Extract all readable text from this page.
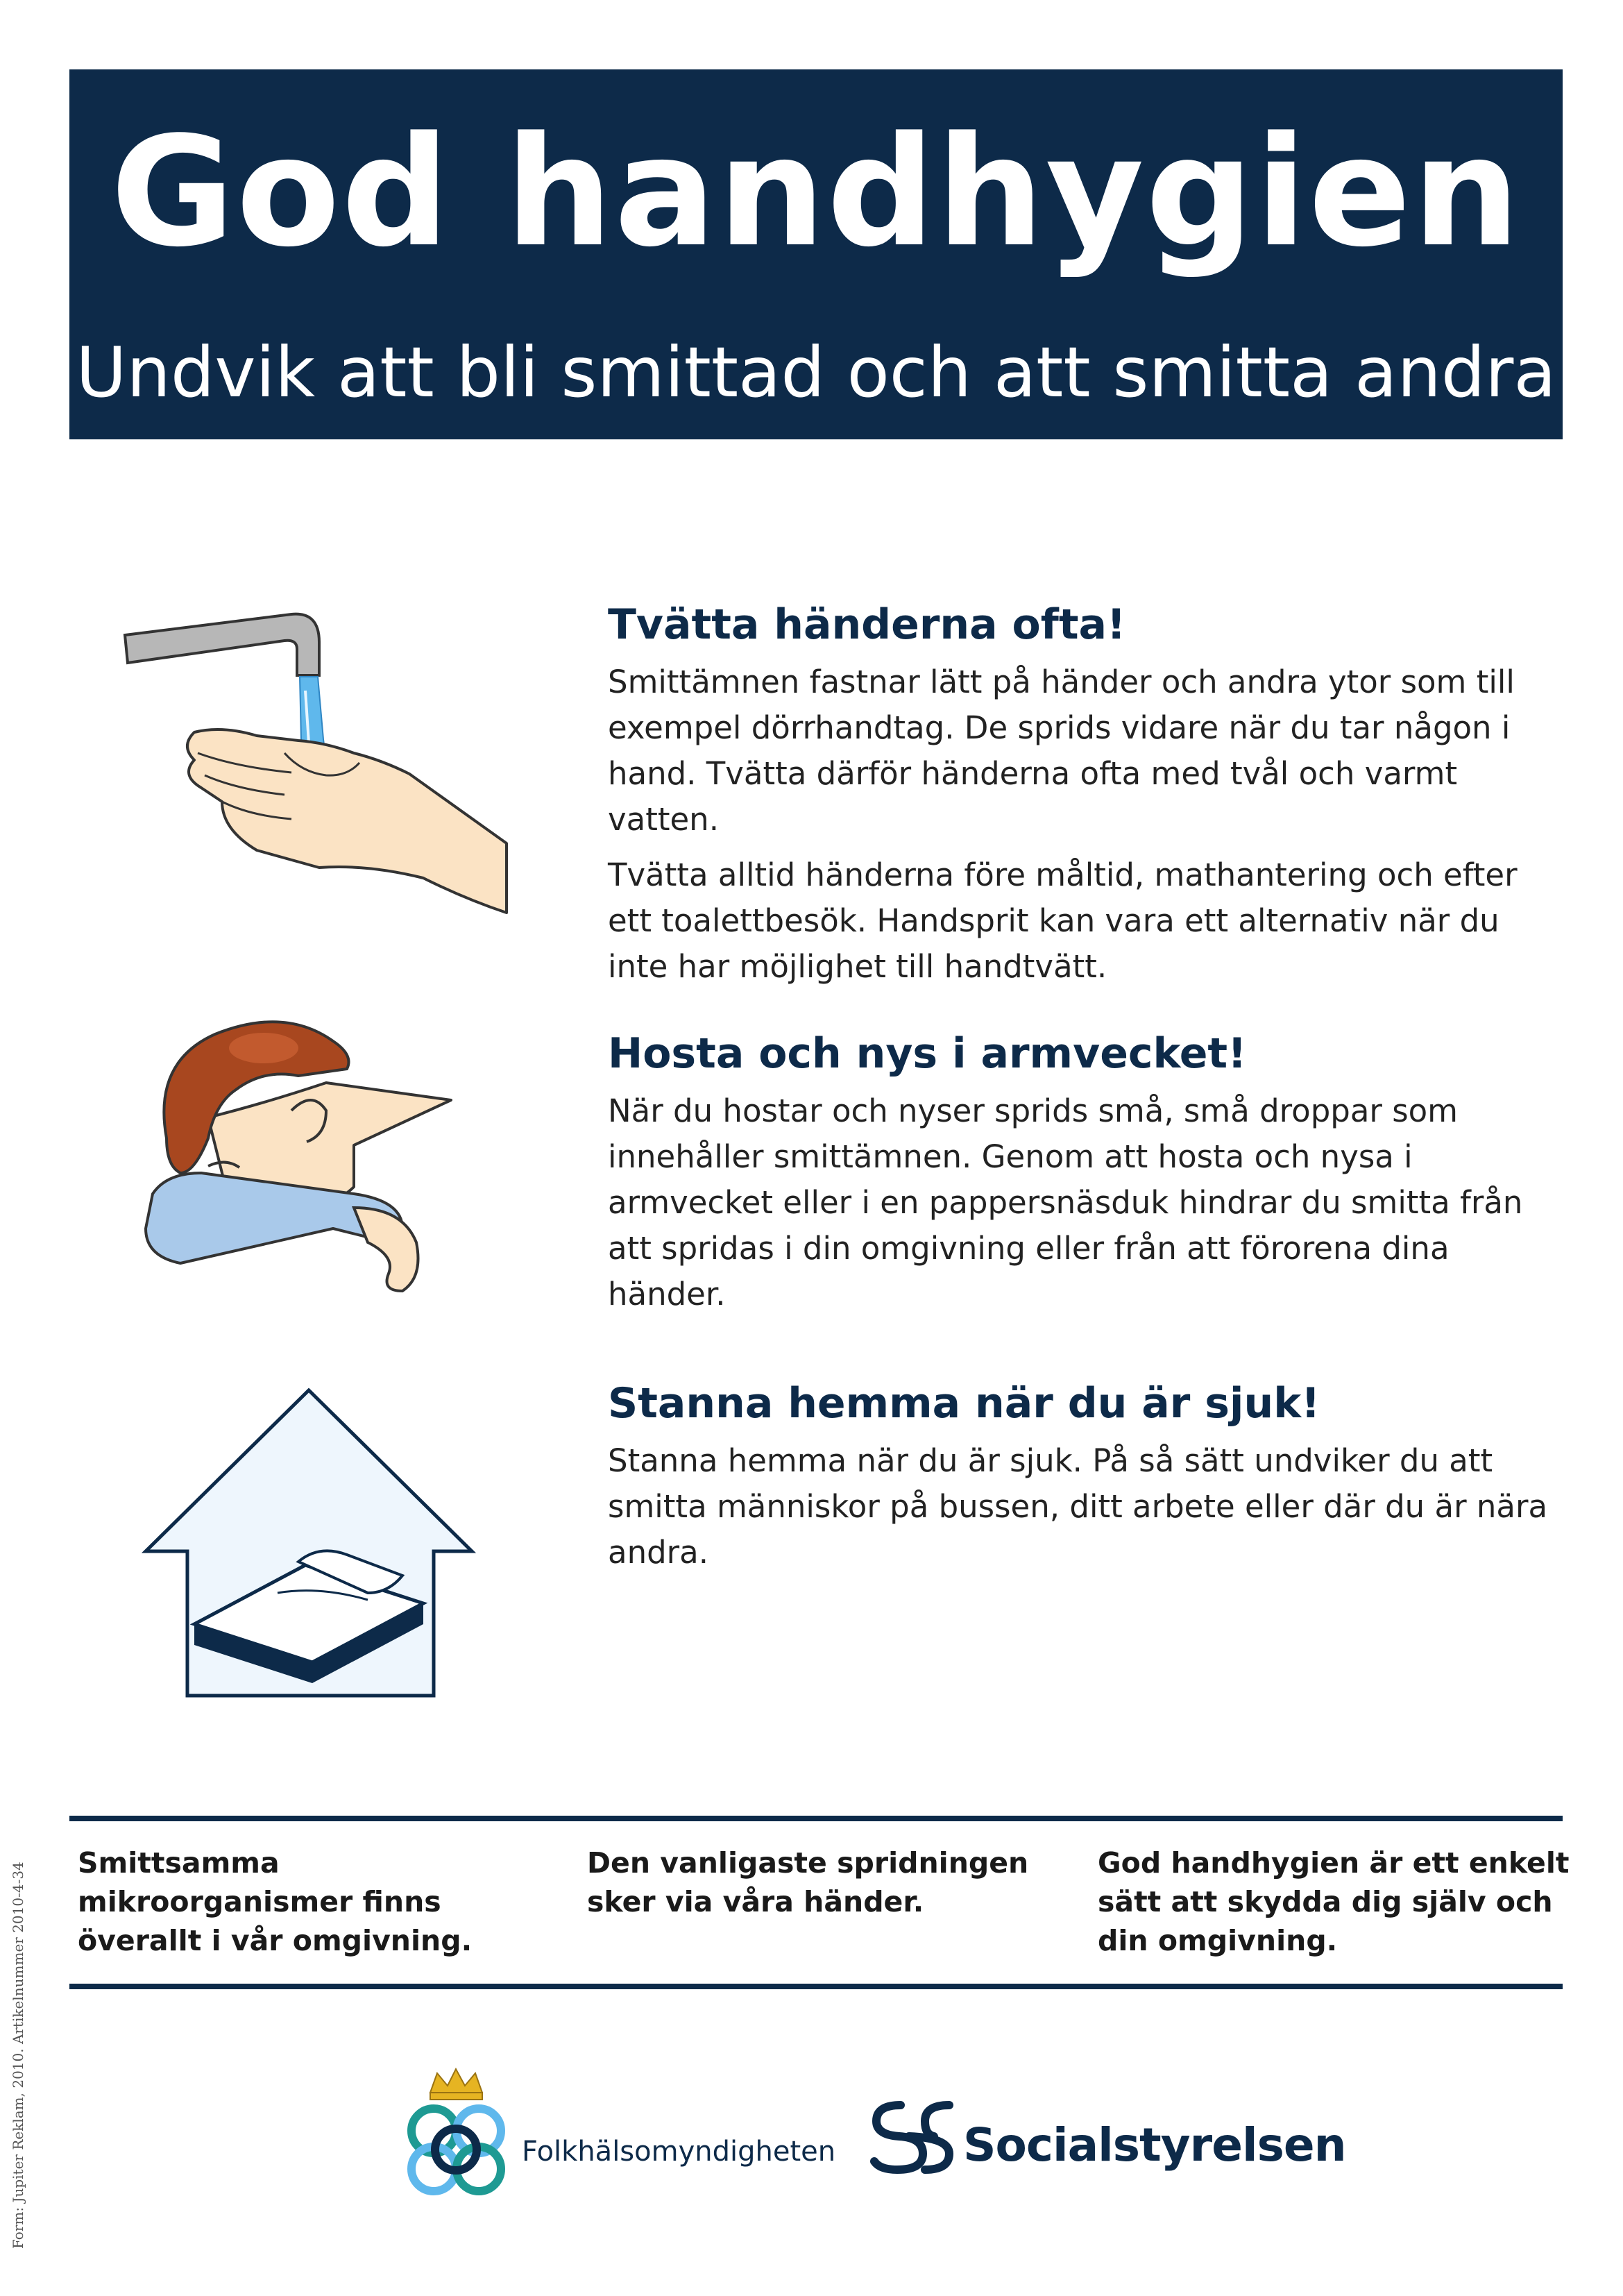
God handhygien
Undvik att bli smittad och att smitta andra
Tvätta händerna ofta!

Smittämnen fastnar lätt på händer och andra ytor som till exempel dörrhandtag. De sprids vidare när du tar någon i hand. Tvätta därför händerna ofta med tvål och varmt vatten.

Tvätta alltid händerna före måltid, mathantering och efter ett toalettbesök. Handsprit kan vara ett alternativ när du inte har möjlighet till handtvätt.

Hosta och nys i armvecket!

När du hostar och nyser sprids små, små droppar som innehåller smittämnen. Genom att hosta och nysa i armvecket eller i en pappersnäsduk hindrar du smitta från att spridas i din omgivning eller från att förorena dina händer.

Stanna hemma när du är sjuk!

Stanna hemma när du är sjuk. På så sätt undviker du att smitta människor på bussen, ditt arbete eller där du är nära andra.

Smittsamma mikroorganismer finns överallt i vår omgivning.
Den vanligaste spridningen sker via våra händer.
God handhygien är ett enkelt sätt att skydda dig själv och din omgivning.
Folkhälsomyndigheten	Socialstyrelsen
Form: Jupiter Reklam, 2010. Artikelnummer 2010-4-34
